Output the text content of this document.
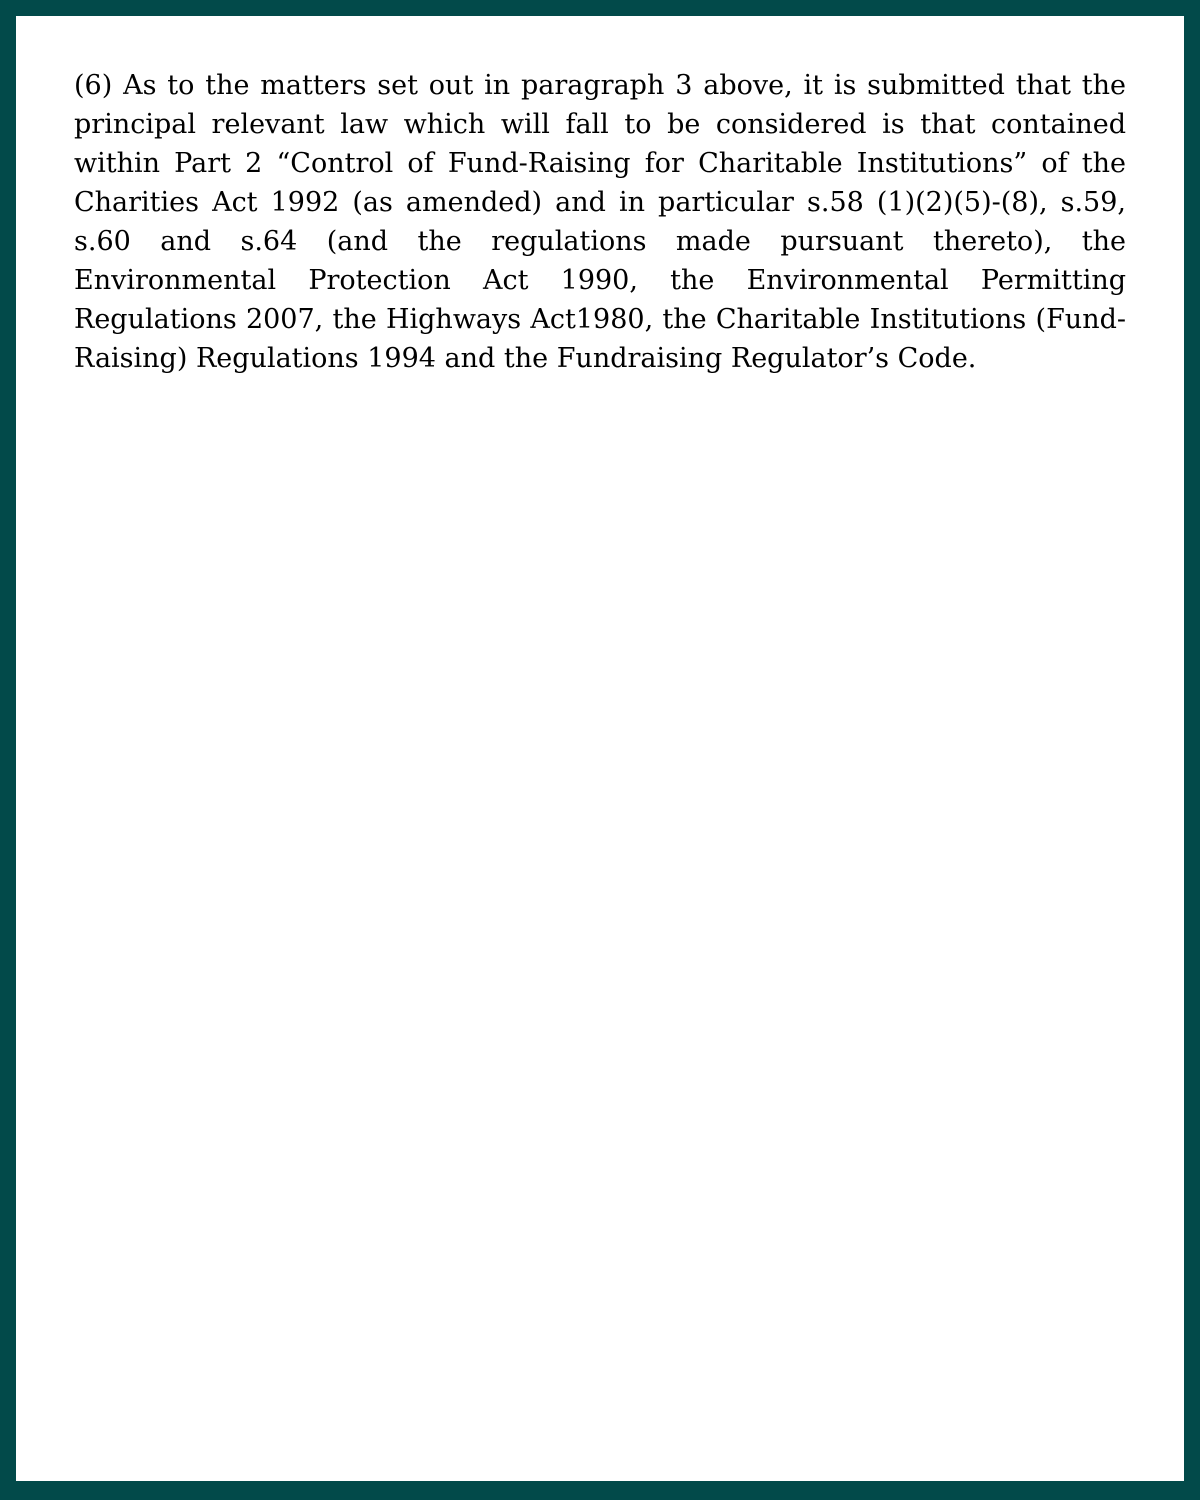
(6) As to the matters set out in paragraph 3 above, it is submitted that the principal relevant law which will fall to be considered is that contained within Part 2 “Control of Fund-Raising for Charitable Institutions” of the Charities Act 1992 (as amended) and in particular s.58 (1)(2)(5)-(8), s.59, s.60 and s.64 (and the regulations made pursuant thereto), the Environmental Protection Act 1990, the Environmental Permitting Regulations 2007, the Highways Act1980, the Charitable Institutions (Fund-Raising) Regulations 1994 and the Fundraising Regulator’s Code.
